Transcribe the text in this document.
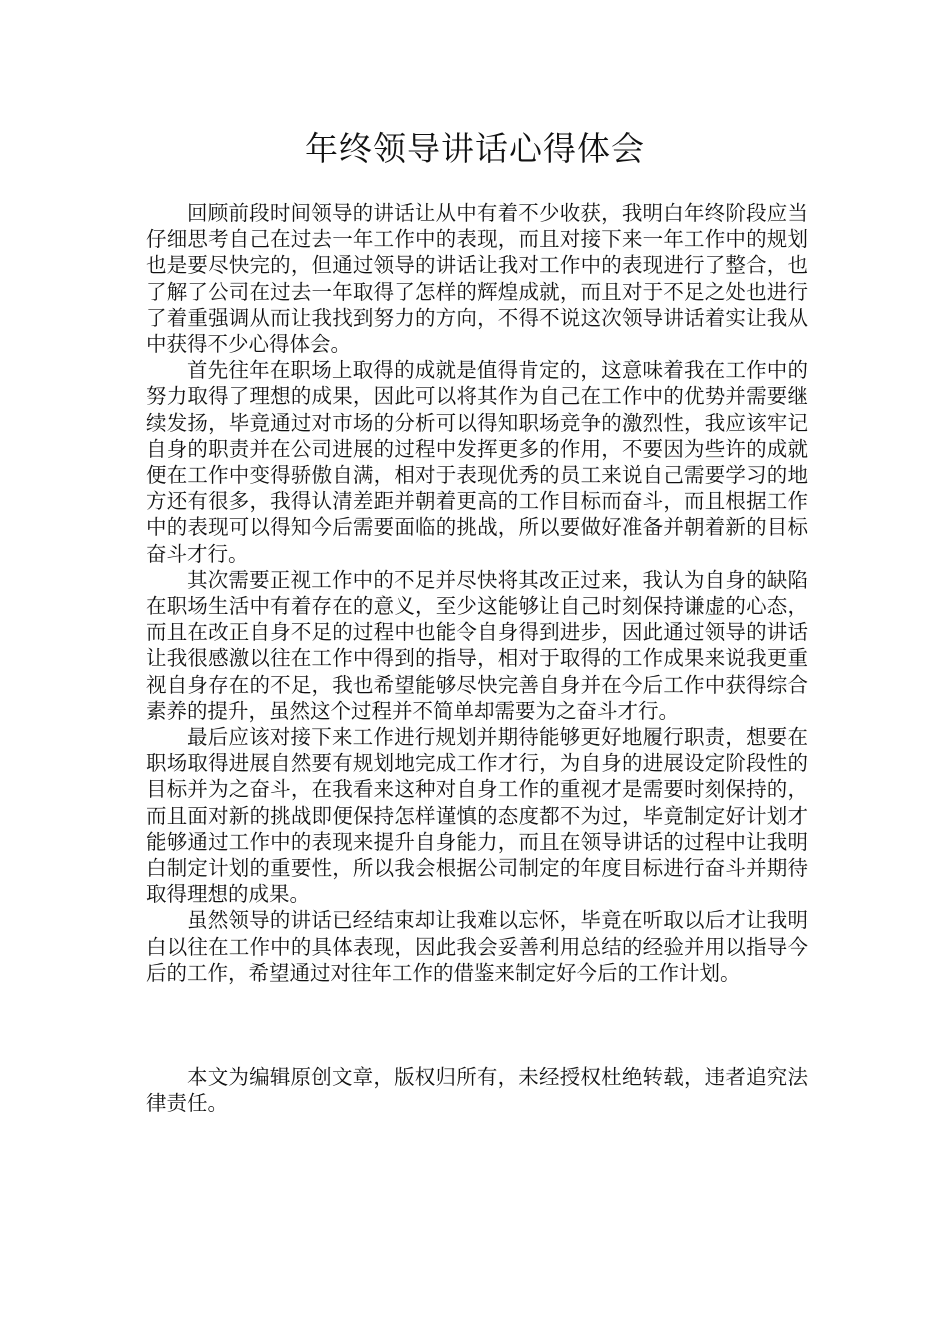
年终领导讲话心得体会

回顾前段时间领导的讲话让从中有着不少收获，我明白年终阶段应当仔细思考自己在过去一年工作中的表现，而且对接下来一年工作中的规划也是要尽快完的，但通过领导的讲话让我对工作中的表现进行了整合，也了解了公司在过去一年取得了怎样的辉煌成就，而且对于不足之处也进行了着重强调从而让我找到努力的方向，不得不说这次领导讲话着实让我从中获得不少心得体会。

首先往年在职场上取得的成就是值得肯定的，这意味着我在工作中的努力取得了理想的成果，因此可以将其作为自己在工作中的优势并需要继续发扬，毕竟通过对市场的分析可以得知职场竞争的激烈性，我应该牢记自身的职责并在公司进展的过程中发挥更多的作用，不要因为些许的成就便在工作中变得骄傲自满，相对于表现优秀的员工来说自己需要学习的地方还有很多，我得认清差距并朝着更高的工作目标而奋斗，而且根据工作中的表现可以得知今后需要面临的挑战，所以要做好准备并朝着新的目标奋斗才行。

其次需要正视工作中的不足并尽快将其改正过来，我认为自身的缺陷在职场生活中有着存在的意义，至少这能够让自己时刻保持谦虚的心态，而且在改正自身不足的过程中也能令自身得到进步，因此通过领导的讲话让我很感激以往在工作中得到的指导，相对于取得的工作成果来说我更重视自身存在的不足，我也希望能够尽快完善自身并在今后工作中获得综合素养的提升，虽然这个过程并不简单却需要为之奋斗才行。

最后应该对接下来工作进行规划并期待能够更好地履行职责，想要在职场取得进展自然要有规划地完成工作才行，为自身的进展设定阶段性的目标并为之奋斗，在我看来这种对自身工作的重视才是需要时刻保持的，而且面对新的挑战即便保持怎样谨慎的态度都不为过，毕竟制定好计划才能够通过工作中的表现来提升自身能力，而且在领导讲话的过程中让我明白制定计划的重要性，所以我会根据公司制定的年度目标进行奋斗并期待取得理想的成果。

虽然领导的讲话已经结束却让我难以忘怀，毕竟在听取以后才让我明白以往在工作中的具体表现，因此我会妥善利用总结的经验并用以指导今后的工作，希望通过对往年工作的借鉴来制定好今后的工作计划。

本文为编辑原创文章，版权归所有，未经授权杜绝转载，违者追究法律责任。
